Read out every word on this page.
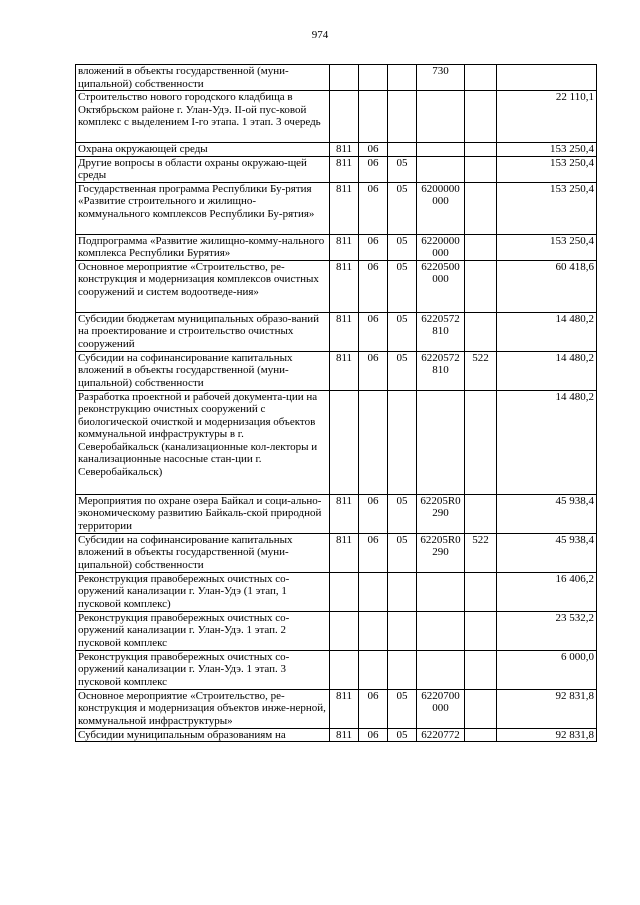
974
вложений в объекты государственной (муни-ципальной) собственности				730		
Строительство нового городского кладбища в Октябрьском районе г. Улан-Удэ. II-ой пус-ковой комплекс с выделением I-го этапа. 1 этап. 3 очередь						22 110,1
Охрана окружающей среды	811	06				153 250,4
Другие вопросы в области охраны окружаю-щей среды	811	06	05			153 250,4
Государственная программа Республики Бу-рятия «Развитие строительного и жилищно-коммунального комплексов Республики Бу-рятия»	811	06	05	6200000 000		153 250,4
Подпрограмма «Развитие жилищно-комму-нального комплекса Республики Бурятия»	811	06	05	6220000 000		153 250,4
Основное мероприятие «Строительство, ре-конструкция и модернизация комплексов очистных сооружений и систем водоотведе-ния»	811	06	05	6220500 000		60 418,6
Субсидии бюджетам муниципальных образо-ваний на проектирование и строительство очистных сооружений	811	06	05	6220572 810		14 480,2
Субсидии на софинансирование капитальных вложений в объекты государственной (муни-ципальной) собственности	811	06	05	6220572 810	522	14 480,2
Разработка проектной и рабочей документа-ции на реконструкцию очистных сооружений с биологической очисткой и модернизация объектов коммунальной инфраструктуры в г. Северобайкальск (канализационные кол-лекторы и канализационные насосные стан-ции г. Северобайкальск)						14 480,2
Мероприятия по охране озера Байкал и соци-ально-экономическому развитию Байкаль-ской природной территории	811	06	05	62205R0 290		45 938,4
Субсидии на софинансирование капитальных вложений в объекты государственной (муни-ципальной) собственности	811	06	05	62205R0 290	522	45 938,4
Реконструкция правобережных очистных со-оружений канализации г. Улан-Удэ (1 этап, 1 пусковой комплекс)						16 406,2
Реконструкция правобережных очистных со-оружений канализации г. Улан-Удэ. 1 этап. 2 пусковой комплекс						23 532,2
Реконструкция правобережных очистных со-оружений канализации г. Улан-Удэ. 1 этап. 3 пусковой комплекс						6 000,0
Основное мероприятие «Строительство, ре-конструкция и модернизация объектов инже-нерной, коммунальной инфраструктуры»	811	06	05	6220700 000		92 831,8
Субсидии муниципальным образованиям на	811	06	05	6220772		92 831,8
